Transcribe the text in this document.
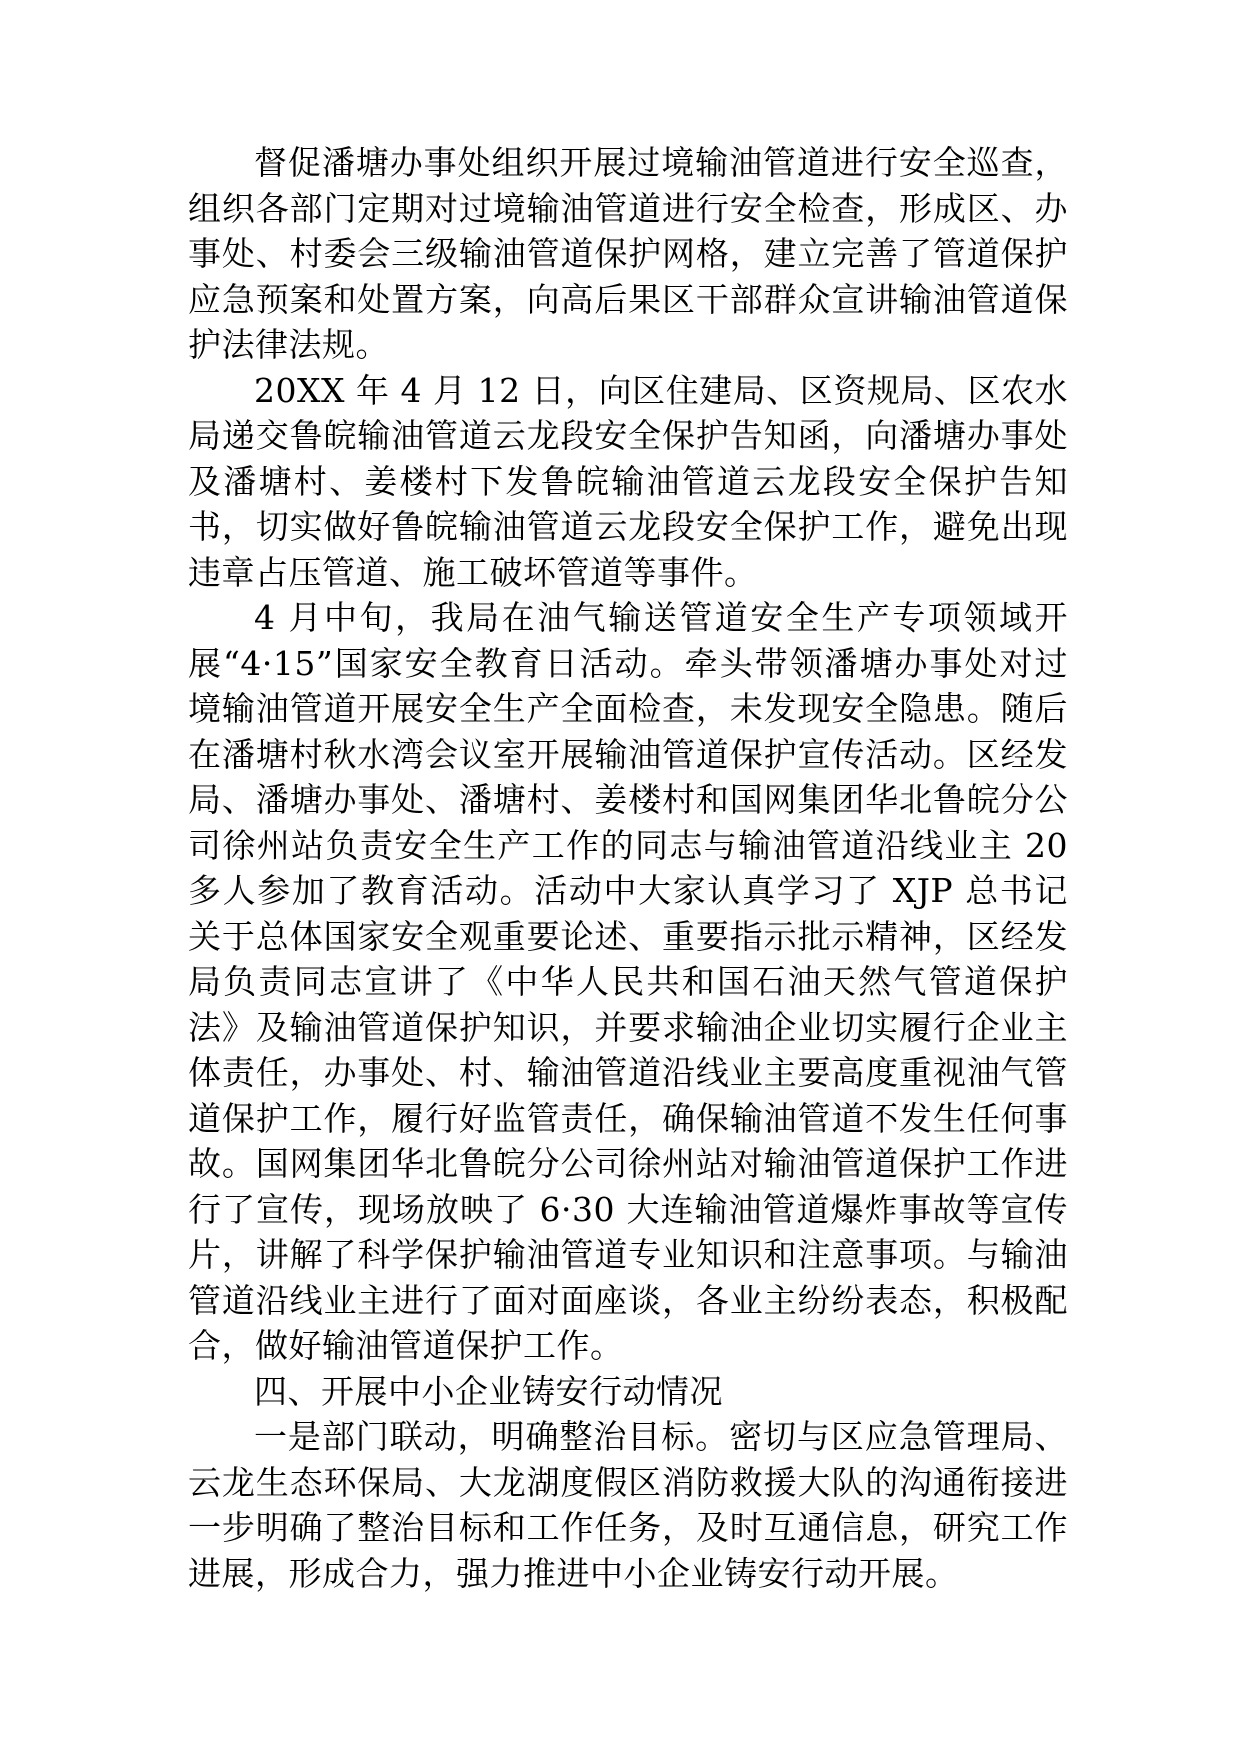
督促潘塘办事处组织开展过境输油管道进行安全巡查，组织各部门定期对过境输油管道进行安全检查，形成区、办事处、村委会三级输油管道保护网格，建立完善了管道保护应急预案和处置方案，向高后果区干部群众宣讲输油管道保护法律法规。

20XX 年 4 月 12 日，向区住建局、区资规局、区农水局递交鲁皖输油管道云龙段安全保护告知函，向潘塘办事处及潘塘村、姜楼村下发鲁皖输油管道云龙段安全保护告知书，切实做好鲁皖输油管道云龙段安全保护工作，避免出现违章占压管道、施工破坏管道等事件。

4 月中旬，我局在油气输送管道安全生产专项领域开展“4·15”国家安全教育日活动。牵头带领潘塘办事处对过境输油管道开展安全生产全面检查，未发现安全隐患。随后在潘塘村秋水湾会议室开展输油管道保护宣传活动。区经发局、潘塘办事处、潘塘村、姜楼村和国网集团华北鲁皖分公司徐州站负责安全生产工作的同志与输油管道沿线业主 20 多人参加了教育活动。活动中大家认真学习了 XJP 总书记关于总体国家安全观重要论述、重要指示批示精神，区经发局负责同志宣讲了《中华人民共和国石油天然气管道保护法》及输油管道保护知识，并要求输油企业切实履行企业主体责任，办事处、村、输油管道沿线业主要高度重视油气管道保护工作，履行好监管责任，确保输油管道不发生任何事故。国网集团华北鲁皖分公司徐州站对输油管道保护工作进行了宣传，现场放映了 6·30 大连输油管道爆炸事故等宣传片，讲解了科学保护输油管道专业知识和注意事项。与输油管道沿线业主进行了面对面座谈，各业主纷纷表态，积极配合，做好输油管道保护工作。

四、开展中小企业铸安行动情况

一是部门联动，明确整治目标。密切与区应急管理局、云龙生态环保局、大龙湖度假区消防救援大队的沟通衔接进一步明确了整治目标和工作任务，及时互通信息，研究工作进展，形成合力，强力推进中小企业铸安行动开展。
